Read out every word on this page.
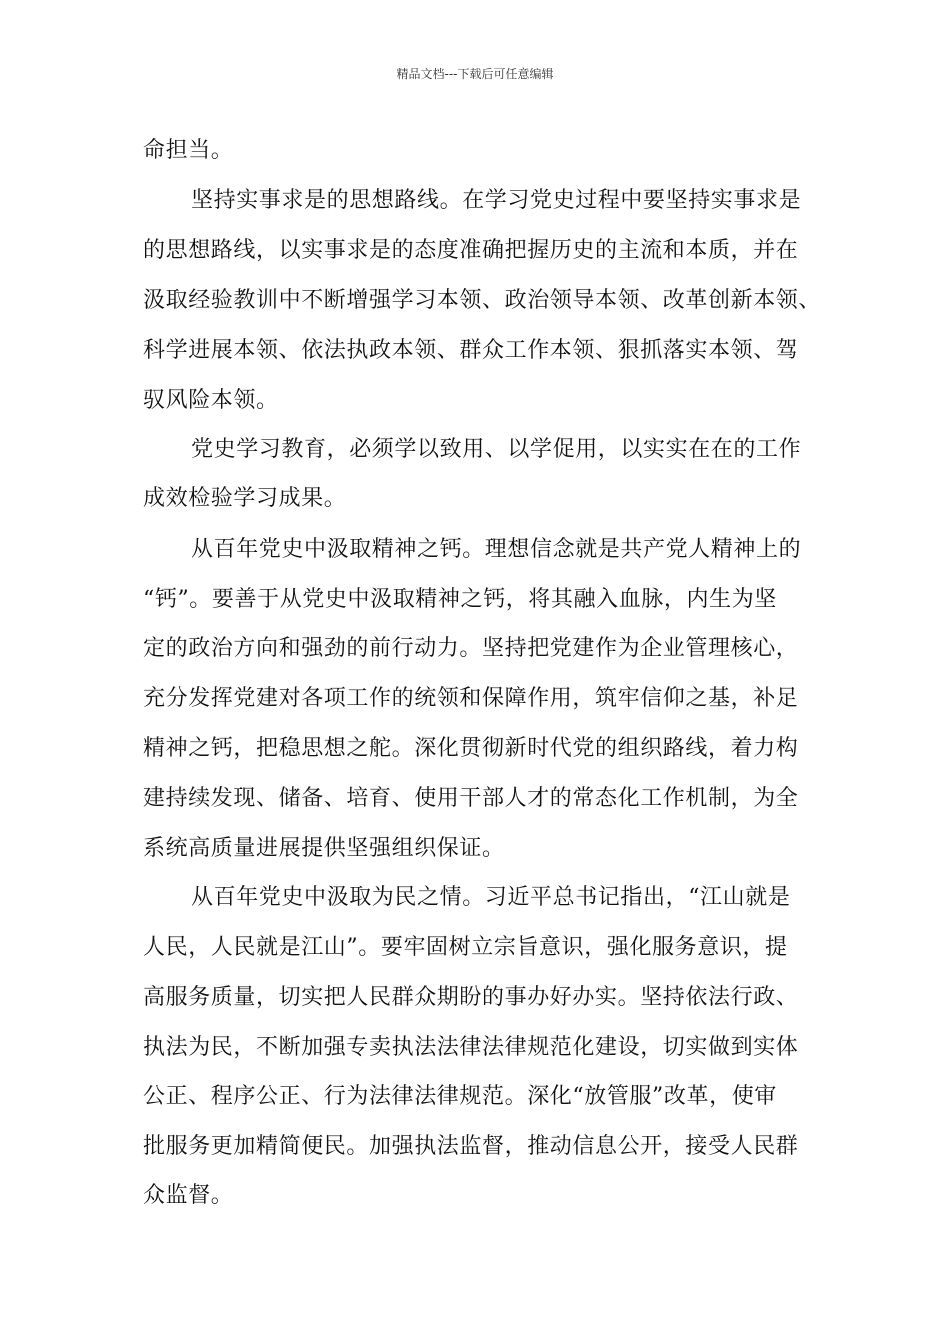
精品文档---下载后可任意编辑
命担当。
坚持实事求是的思想路线。在学习党史过程中要坚持实事求是
的思想路线，以实事求是的态度准确把握历史的主流和本质，并在
汲取经验教训中不断增强学习本领、政治领导本领、改革创新本领、
科学进展本领、依法执政本领、群众工作本领、狠抓落实本领、驾
驭风险本领。
党史学习教育，必须学以致用、以学促用，以实实在在的工作
成效检验学习成果。
从百年党史中汲取精神之钙。理想信念就是共产党人精神上的
“钙”。要善于从党史中汲取精神之钙，将其融入血脉，内生为坚
定的政治方向和强劲的前行动力。坚持把党建作为企业管理核心，
充分发挥党建对各项工作的统领和保障作用，筑牢信仰之基，补足
精神之钙，把稳思想之舵。深化贯彻新时代党的组织路线，着力构
建持续发现、储备、培育、使用干部人才的常态化工作机制，为全
系统高质量进展提供坚强组织保证。
从百年党史中汲取为民之情。习近平总书记指出，“江山就是
人民，人民就是江山”。要牢固树立宗旨意识，强化服务意识，提
高服务质量，切实把人民群众期盼的事办好办实。坚持依法行政、
执法为民，不断加强专卖执法法律法律规范化建设，切实做到实体
公正、程序公正、行为法律法律规范。深化“放管服”改革，使审
批服务更加精简便民。加强执法监督，推动信息公开，接受人民群
众监督。
